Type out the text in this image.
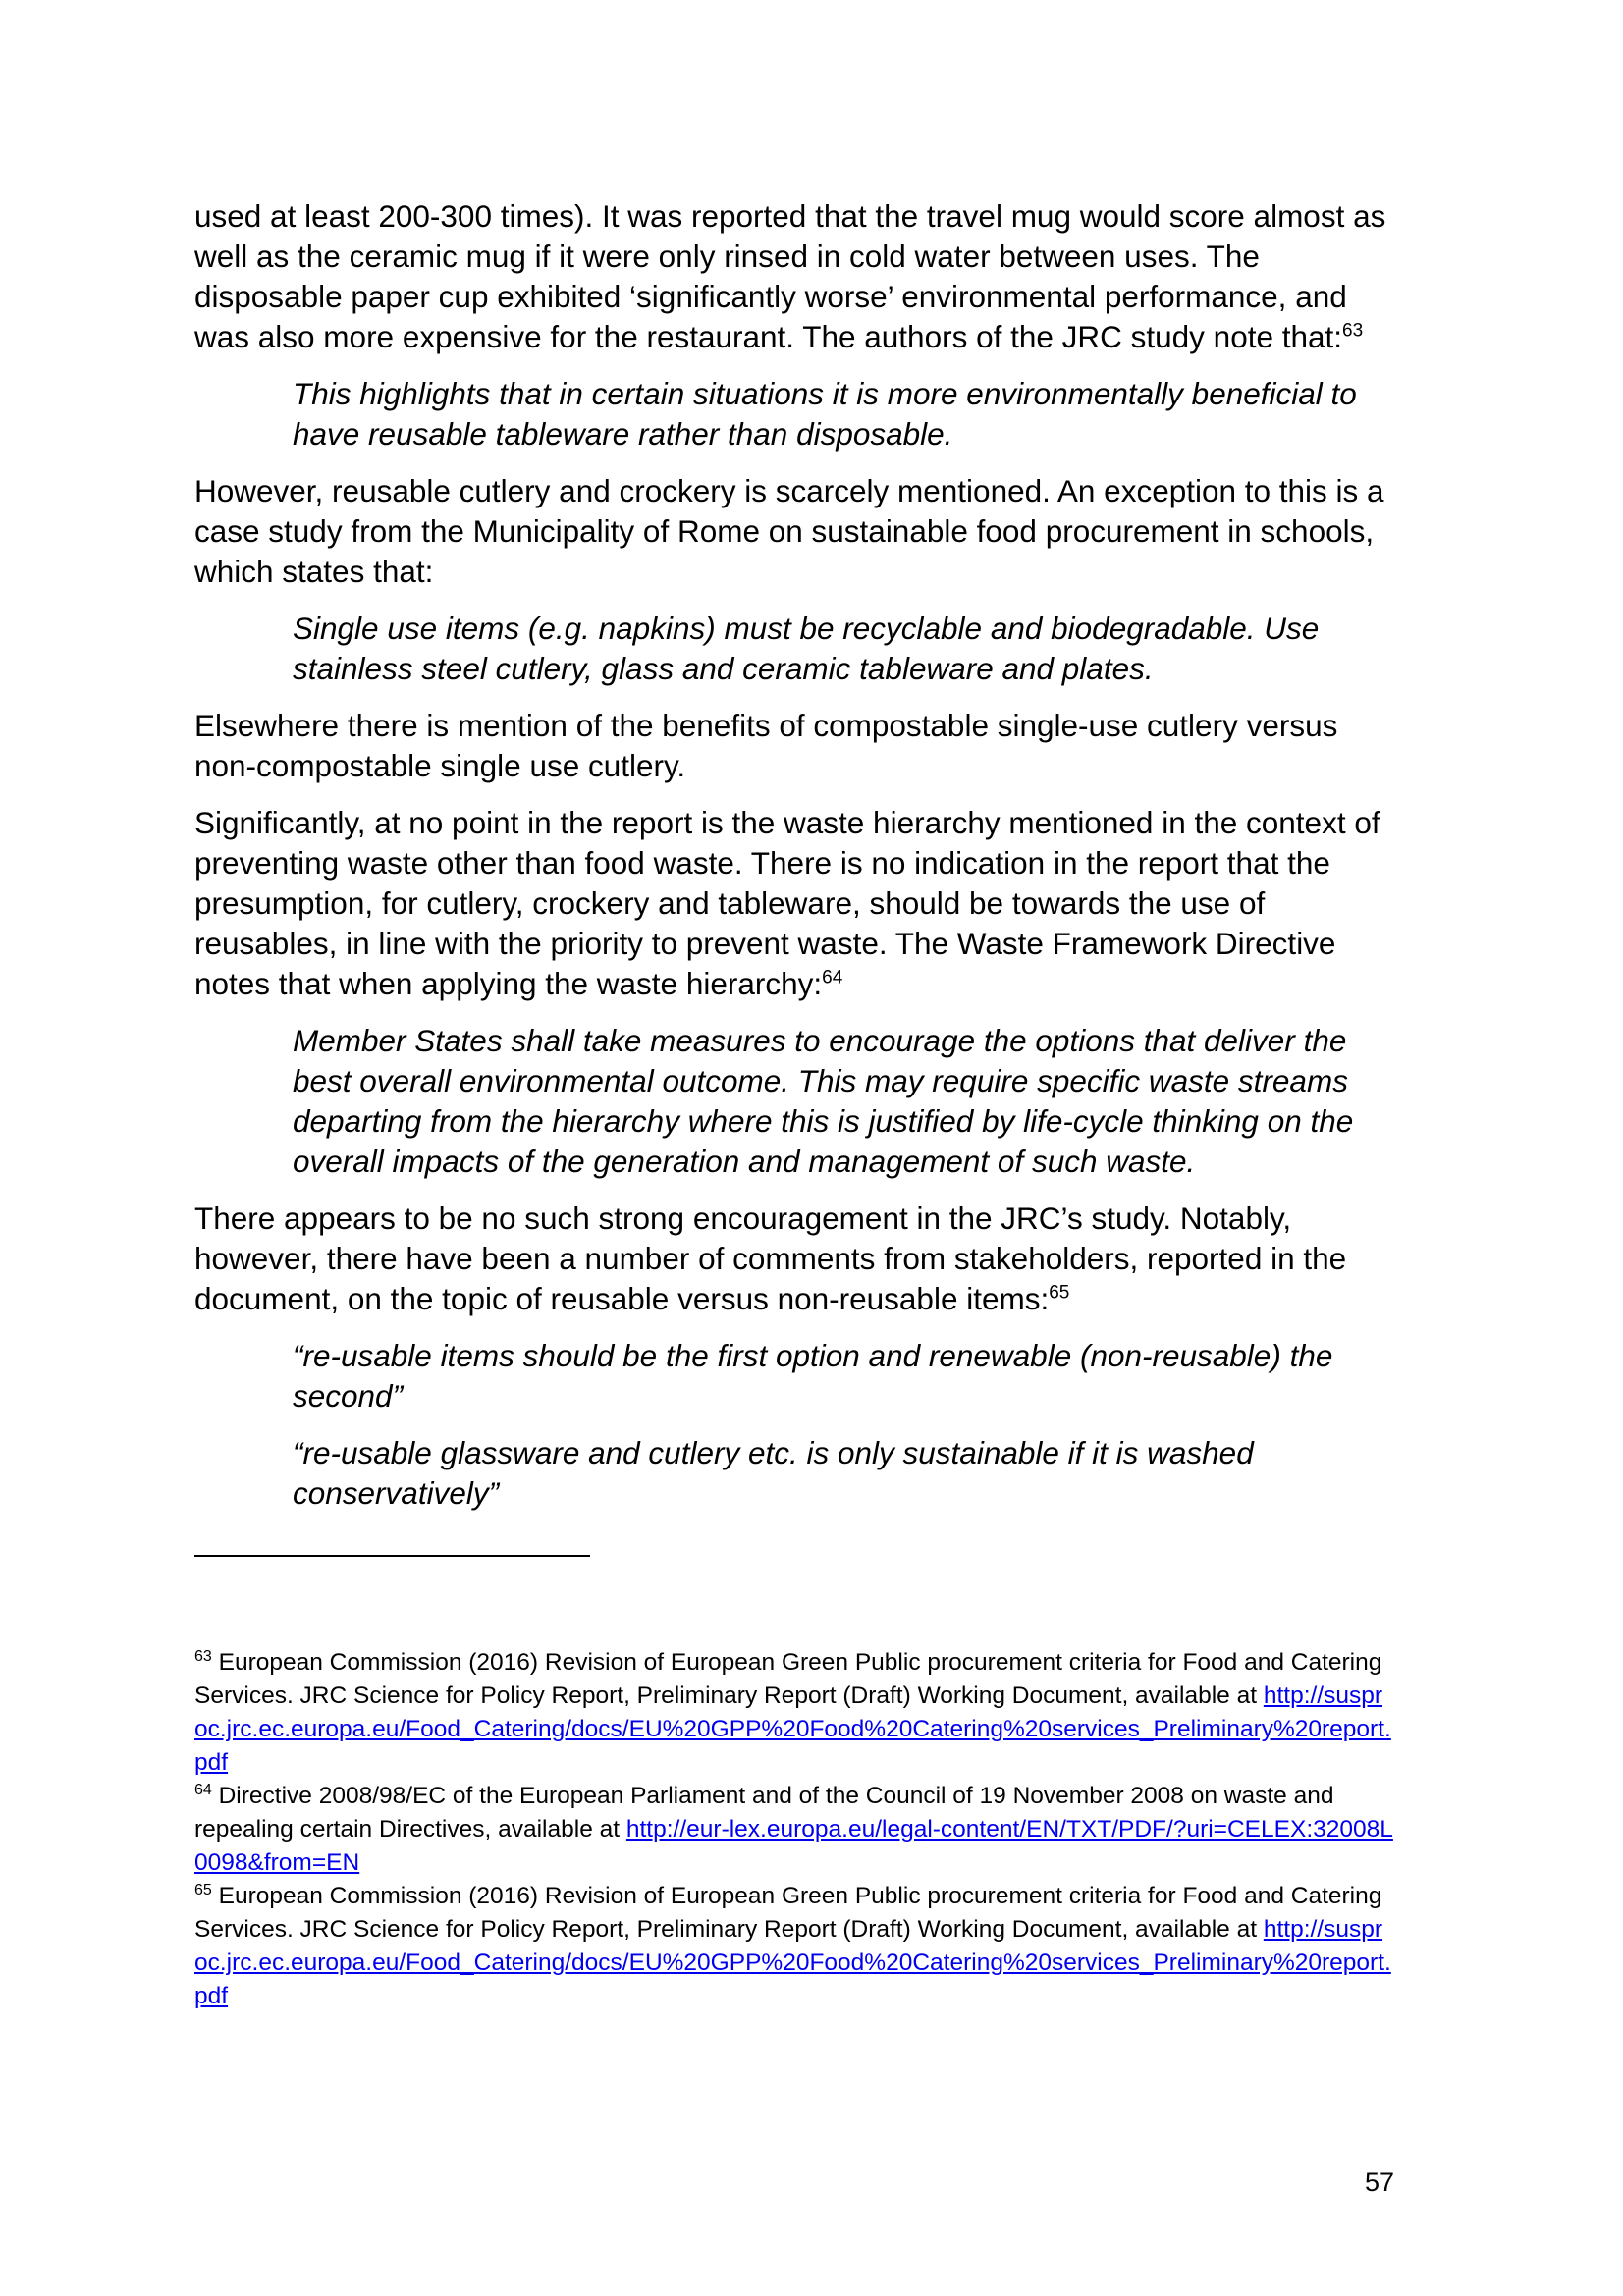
used at least 200-300 times). It was reported that the travel mug would score almost as well as the ceramic mug if it were only rinsed in cold water between uses. The disposable paper cup exhibited ‘significantly worse’ environmental performance, and was also more expensive for the restaurant. The authors of the JRC study note that:$^{63}$

This highlights that in certain situations it is more environmentally beneficial to have reusable tableware rather than disposable.

However, reusable cutlery and crockery is scarcely mentioned. An exception to this is a case study from the Municipality of Rome on sustainable food procurement in schools, which states that:

Single use items (e.g. napkins) must be recyclable and biodegradable. Use stainless steel cutlery, glass and ceramic tableware and plates.

Elsewhere there is mention of the benefits of compostable single-use cutlery versus non-compostable single use cutlery.

Significantly, at no point in the report is the waste hierarchy mentioned in the context of preventing waste other than food waste. There is no indication in the report that the presumption, for cutlery, crockery and tableware, should be towards the use of reusables, in line with the priority to prevent waste. The Waste Framework Directive notes that when applying the waste hierarchy:$^{64}$

Member States shall take measures to encourage the options that deliver the best overall environmental outcome. This may require specific waste streams departing from the hierarchy where this is justified by life-cycle thinking on the overall impacts of the generation and management of such waste.

There appears to be no such strong encouragement in the JRC’s study. Notably, however, there have been a number of comments from stakeholders, reported in the document, on the topic of reusable versus non-reusable items:$^{65}$

“re-usable items should be the first option and renewable (non-reusable) the second”

“re-usable glassware and cutlery etc. is only sustainable if it is washed conservatively”

$^{63}$ European Commission (2016) Revision of European Green Public procurement criteria for Food and Catering Services. JRC Science for Policy Report, Preliminary Report (Draft) Working Document, available at http://susproc.jrc.ec.europa.eu/Food_Catering/docs/EU%20GPP%20Food%20Catering%20services_Preliminary%20report.pdf

$^{64}$ Directive 2008/98/EC of the European Parliament and of the Council of 19 November 2008 on waste and repealing certain Directives, available at http://eur-lex.europa.eu/legal-content/EN/TXT/PDF/?uri=CELEX:32008L0098&from=EN

$^{65}$ European Commission (2016) Revision of European Green Public procurement criteria for Food and Catering Services. JRC Science for Policy Report, Preliminary Report (Draft) Working Document, available at http://susproc.jrc.ec.europa.eu/Food_Catering/docs/EU%20GPP%20Food%20Catering%20services_Preliminary%20report.pdf

57
